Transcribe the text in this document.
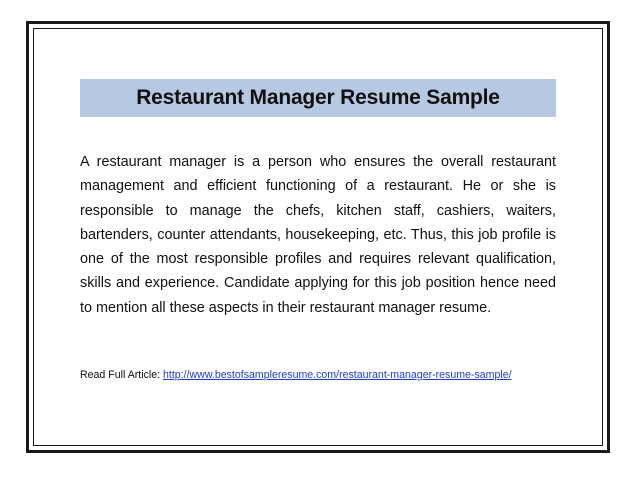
Restaurant Manager Resume Sample

A restaurant manager is a person who ensures the overall restaurant management and efficient functioning of a restaurant. He or she is responsible to manage the chefs, kitchen staff, cashiers, waiters, bartenders, counter attendants, housekeeping, etc. Thus, this job profile is one of the most responsible profiles and requires relevant qualification, skills and experience. Candidate applying for this job position hence need to mention all these aspects in their restaurant manager resume.

Read Full Article: http://www.bestofsampleresume.com/restaurant-manager-resume-sample/
